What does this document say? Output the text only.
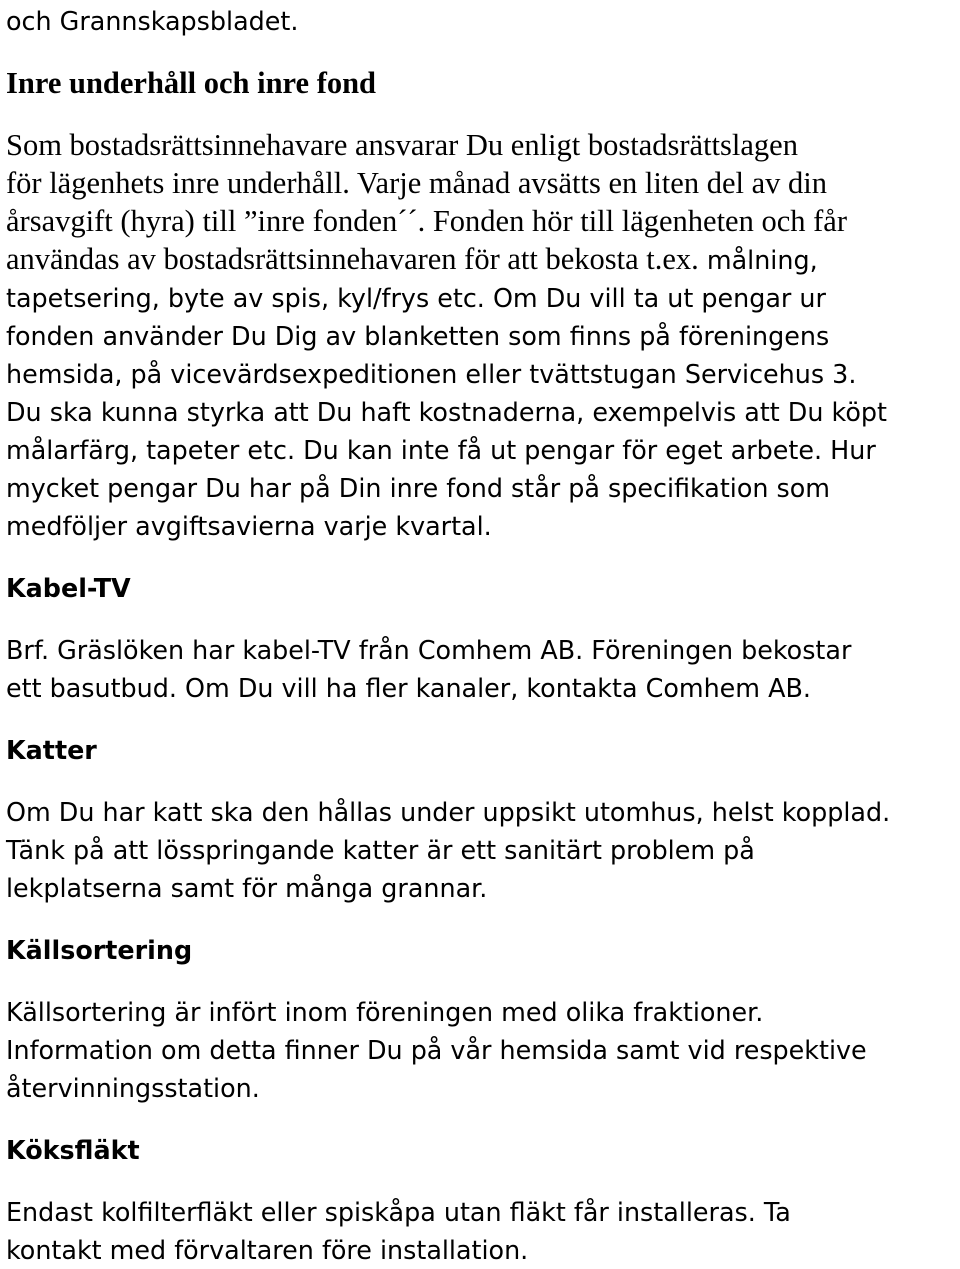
och Grannskapsbladet.

Inre underhåll och inre fond

Som bostadsrättsinnehavare ansvarar Du enligt bostadsrättslagen

för lägenhets inre underhåll. Varje månad avsätts en liten del av din

årsavgift (hyra) till ”inre fonden´´. Fonden hör till lägenheten och får

användas av bostadsrättsinnehavaren för att bekosta t.ex. målning,

tapetsering, byte av spis, kyl/frys etc. Om Du vill ta ut pengar ur

fonden använder Du Dig av blanketten som finns på föreningens

hemsida, på vicevärdsexpeditionen eller tvättstugan Servicehus 3.

Du ska kunna styrka att Du haft kostnaderna, exempelvis att Du köpt

målarfärg, tapeter etc. Du kan inte få ut pengar för eget arbete. Hur

mycket pengar Du har på Din inre fond står på specifikation som

medföljer avgiftsavierna varje kvartal.

Kabel-TV

Brf. Gräslöken har kabel-TV från Comhem AB. Föreningen bekostar

ett basutbud. Om Du vill ha fler kanaler, kontakta Comhem AB.

Katter

Om Du har katt ska den hållas under uppsikt utomhus, helst kopplad.

Tänk på att lösspringande katter är ett sanitärt problem på

lekplatserna samt för många grannar.

Källsortering

Källsortering är infört inom föreningen med olika fraktioner.

Information om detta finner Du på vår hemsida samt vid respektive

återvinningsstation.

Köksfläkt

Endast kolfilterfläkt eller spiskåpa utan fläkt får installeras. Ta

kontakt med förvaltaren före installation.
